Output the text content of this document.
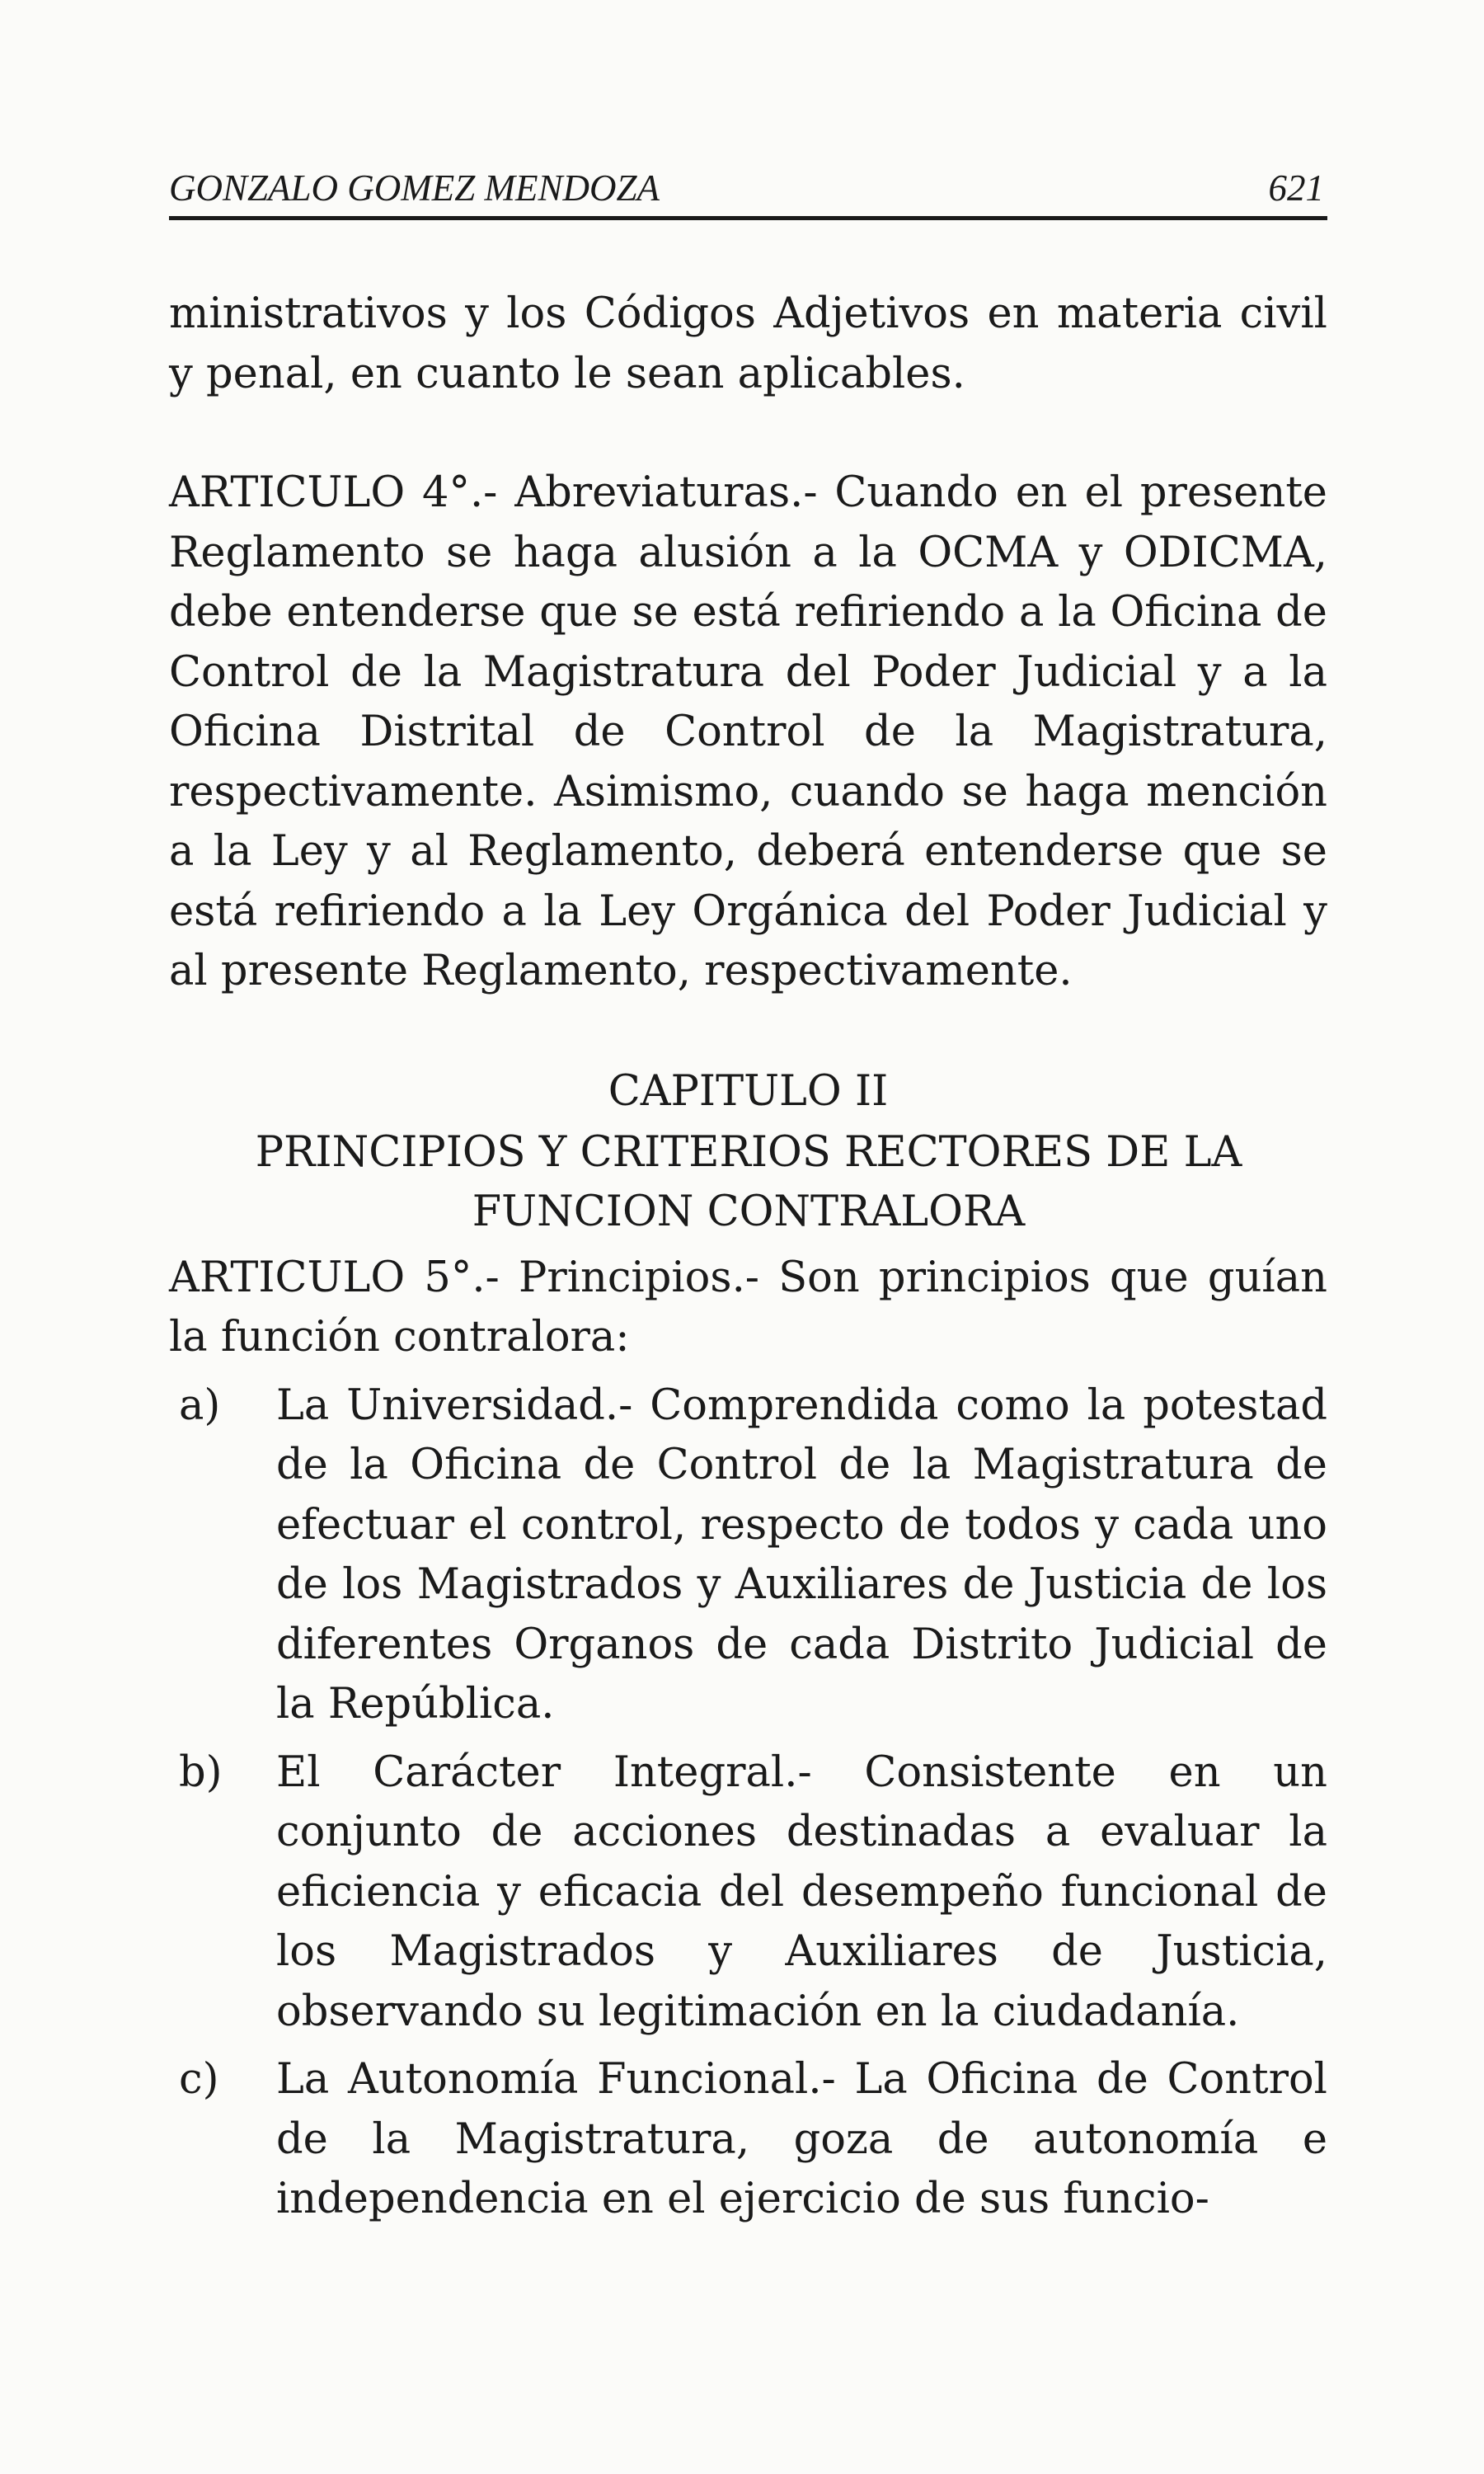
GONZALO GOMEZ MENDOZA	621

ministrativos y los Códigos Adjetivos en materia civil y penal, en cuanto le sean aplicables.

ARTICULO 4°.- Abreviaturas.- Cuando en el presente Reglamento se haga alusión a la OCMA y ODICMA, debe entenderse que se está refiriendo a la Oficina de Control de la Magistratura del Poder Judicial y a la Oficina Distrital de Control de la Magistratura, respectivamente. Asimismo, cuando se haga mención a la Ley y al Reglamento, deberá entenderse que se está refiriendo a la Ley Orgánica del Poder Judicial y al presente Reglamento, respectivamente.

CAPITULO II

PRINCIPIOS Y CRITERIOS RECTORES DE LA FUNCION CONTRALORA

ARTICULO 5°.- Principios.- Son principios que guían la función contralora:

a) La Universidad.- Comprendida como la potestad de la Oficina de Control de la Magistratura de efectuar el control, respecto de todos y cada uno de los Magistrados y Auxiliares de Justicia de los diferentes Organos de cada Distrito Judicial de la República.

b) El Carácter Integral.- Consistente en un conjunto de acciones destinadas a evaluar la eficiencia y eficacia del desempeño funcional de los Magistrados y Auxiliares de Justicia, observando su legitimación en la ciudadanía.

c) La Autonomía Funcional.- La Oficina de Control de la Magistratura, goza de autonomía e independencia en el ejercicio de sus funcio-
